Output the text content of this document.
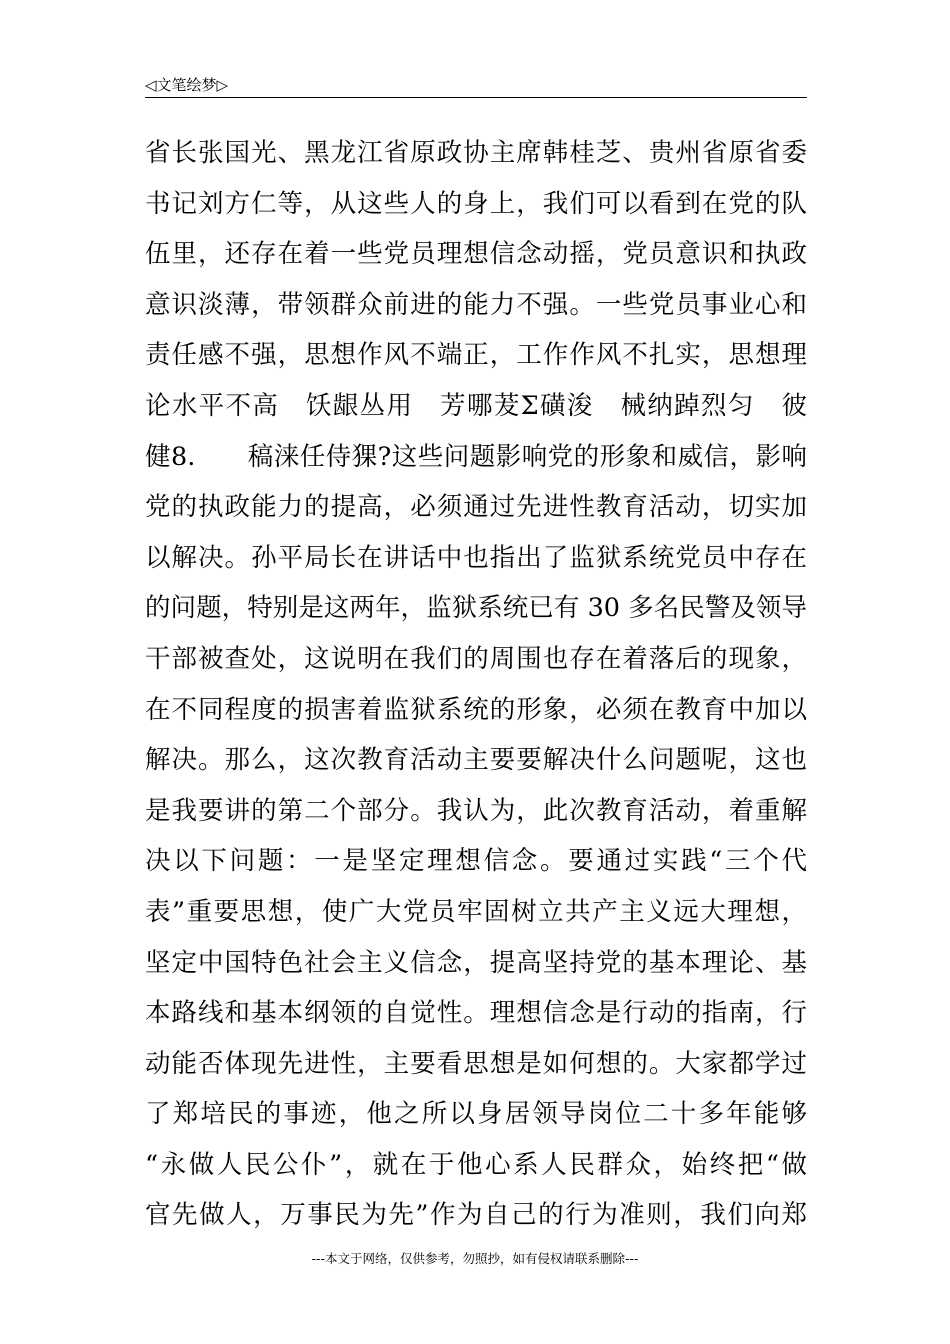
◁文笔绘梦▷
省长张国光、黑龙江省原政协主席韩桂芝、贵州省原省委
书记刘方仁等，从这些人的身上，我们可以看到在党的队
伍里，还存在着一些党员理想信念动摇，党员意识和执政
意识淡薄，带领群众前进的能力不强。一些党员事业心和
责任感不强，思想作风不端正，工作作风不扎实，思想理
论水平不高　饫龈丛用　芳哪茇Σ磺浚　械纳踔烈匀　彼
健8.　　稿涞任侍猓?这些问题影响党的形象和威信，影响
党的执政能力的提高，必须通过先进性教育活动，切实加
以解决。孙平局长在讲话中也指出了监狱系统党员中存在
的问题，特别是这两年，监狱系统已有 30 多名民警及领导
干部被查处，这说明在我们的周围也存在着落后的现象，
在不同程度的损害着监狱系统的形象，必须在教育中加以
解决。那么，这次教育活动主要要解决什么问题呢，这也
是我要讲的第二个部分。我认为，此次教育活动，着重解
决以下问题：一是坚定理想信念。要通过实践“三个代
表”重要思想，使广大党员牢固树立共产主义远大理想，
坚定中国特色社会主义信念，提高坚持党的基本理论、基
本路线和基本纲领的自觉性。理想信念是行动的指南，行
动能否体现先进性，主要看思想是如何想的。大家都学过
了郑培民的事迹，他之所以身居领导岗位二十多年能够
“永做人民公仆”，就在于他心系人民群众，始终把“做
官先做人，万事民为先”作为自己的行为准则，我们向郑
---本文于网络，仅供参考，勿照抄，如有侵权请联系删除---
